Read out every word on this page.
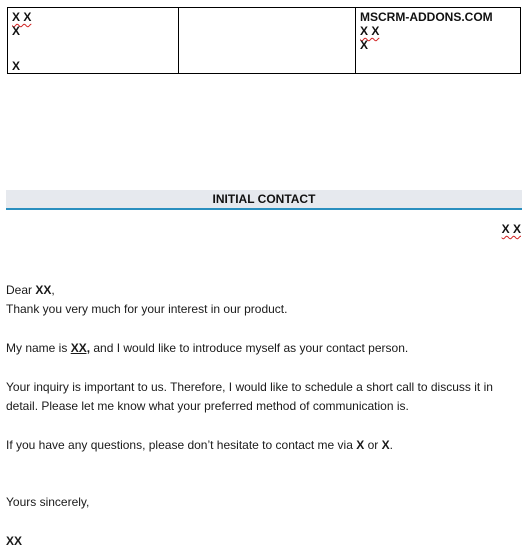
X X
X
X
MSCRM-ADDONS.COM
X X
X
INITIAL CONTACT
X X

Dear XX,

Thank you very much for your interest in our product.

My name is XX, and I would like to introduce myself as your contact person.

Your inquiry is important to us. Therefore, I would like to schedule a short call to discuss it in detail. Please let me know what your preferred method of communication is.

If you have any questions, please don’t hesitate to contact me via X or X.

Yours sincerely,

XX
